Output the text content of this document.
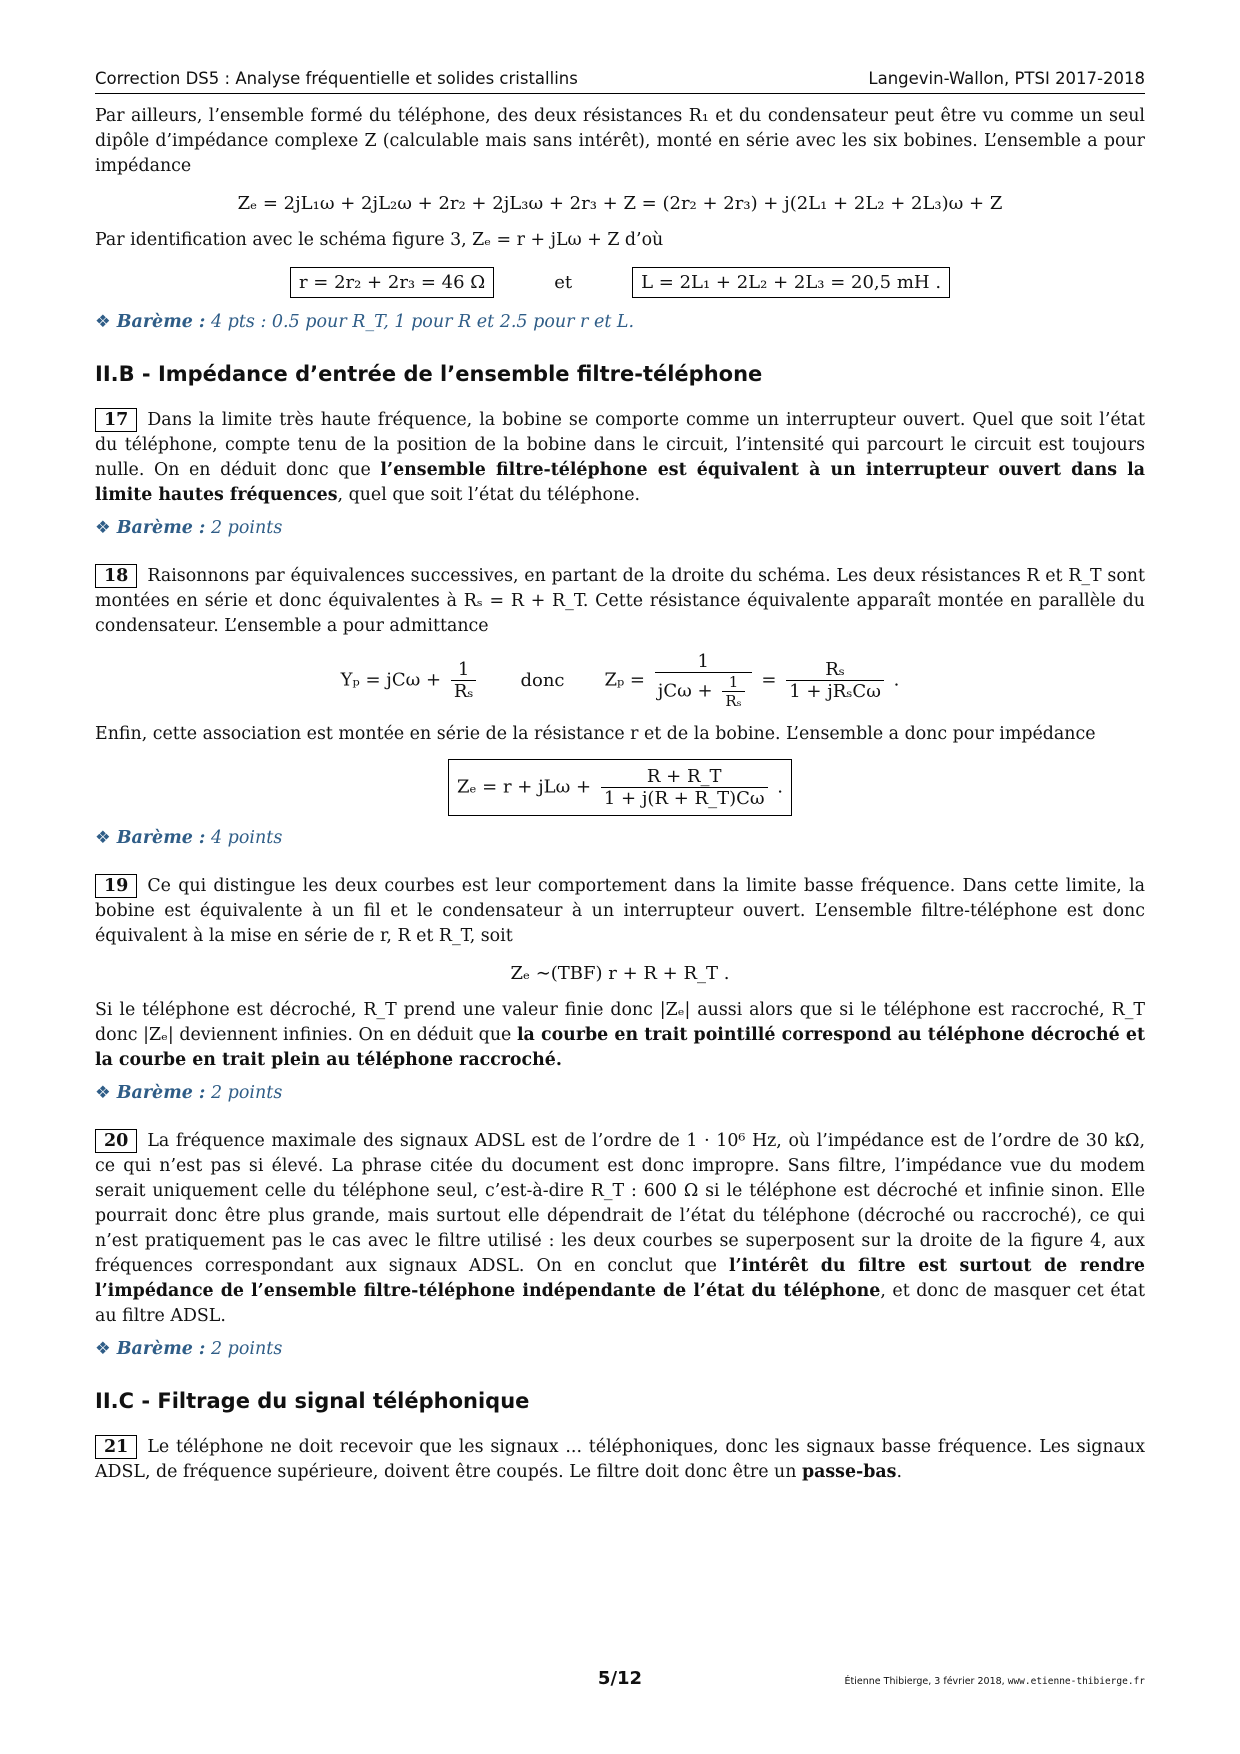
Correction DS5 : Analyse fréquentielle et solides cristallins	Langevin-Wallon, PTSI 2017-2018

Par ailleurs, l’ensemble formé du téléphone, des deux résistances R₁ et du condensateur peut être vu comme un seul dipôle d’impédance complexe Z (calculable mais sans intérêt), monté en série avec les six bobines. L’ensemble a pour impédance

Zₑ = 2jL₁ω + 2jL₂ω + 2r₂ + 2jL₃ω + 2r₃ + Z = (2r₂ + 2r₃) + j(2L₁ + 2L₂ + 2L₃)ω + Z

Par identification avec le schéma figure 3, Zₑ = r + jLω + Z d’où

r = 2r₂ + 2r₃ = 46 Ω	et	L = 2L₁ + 2L₂ + 2L₃ = 20,5 mH .
❖ Barème : 4 pts : 0.5 pour R_T, 1 pour R et 2.5 pour r et L.
II.B - Impédance d’entrée de l’ensemble filtre-téléphone

17 Dans la limite très haute fréquence, la bobine se comporte comme un interrupteur ouvert. Quel que soit l’état du téléphone, compte tenu de la position de la bobine dans le circuit, l’intensité qui parcourt le circuit est toujours nulle. On en déduit donc que l’ensemble filtre-téléphone est équivalent à un interrupteur ouvert dans la limite hautes fréquences, quel que soit l’état du téléphone.

❖ Barème : 2 points

18 Raisonnons par équivalences successives, en partant de la droite du schéma. Les deux résistances R et R_T sont montées en série et donc équivalentes à Rₛ = R + R_T. Cette résistance équivalente apparaît montée en parallèle du condensateur. L’ensemble a pour admittance

$Y_p = jC\omega + \frac{1}{\text{Rₛ}}$ donc $Z_p = \frac{1}{jC\omega + \frac{1}{\text{Rₛ}}} = \frac{\text{Rₛ}}{\text{1 + jRₛCω}}$ .

Enfin, cette association est montée en série de la résistance r et de la bobine. L’ensemble a donc pour impédance

$Z_e = r + jL\omega + \frac{R + R\_T}{1 + j(R + R\_T)C\omega}$ .
❖ Barème : 4 points

19 Ce qui distingue les deux courbes est leur comportement dans la limite basse fréquence. Dans cette limite, la bobine est équivalente à un fil et le condensateur à un interrupteur ouvert. L’ensemble filtre-téléphone est donc équivalent à la mise en série de r, R et R_T, soit

Zₑ ∼(TBF) r + R + R_T .

Si le téléphone est décroché, R_T prend une valeur finie donc |Zₑ| aussi alors que si le téléphone est raccroché, R_T donc |Zₑ| deviennent infinies. On en déduit que la courbe en trait pointillé correspond au téléphone décroché et la courbe en trait plein au téléphone raccroché.

❖ Barème : 2 points

20 La fréquence maximale des signaux ADSL est de l’ordre de 1 · 10⁶ Hz, où l’impédance est de l’ordre de 30 kΩ, ce qui n’est pas si élevé. La phrase citée du document est donc impropre. Sans filtre, l’impédance vue du modem serait uniquement celle du téléphone seul, c’est-à-dire R_T : 600 Ω si le téléphone est décroché et infinie sinon. Elle pourrait donc être plus grande, mais surtout elle dépendrait de l’état du téléphone (décroché ou raccroché), ce qui n’est pratiquement pas le cas avec le filtre utilisé : les deux courbes se superposent sur la droite de la figure 4, aux fréquences correspondant aux signaux ADSL. On en conclut que l’intérêt du filtre est surtout de rendre l’impédance de l’ensemble filtre-téléphone indépendante de l’état du téléphone, et donc de masquer cet état au filtre ADSL.

❖ Barème : 2 points
II.C - Filtrage du signal téléphonique

21 Le téléphone ne doit recevoir que les signaux ... téléphoniques, donc les signaux basse fréquence. Les signaux ADSL, de fréquence supérieure, doivent être coupés. Le filtre doit donc être un passe-bas.

5/12	Étienne Thibierge, 3 février 2018, www.etienne-thibierge.fr
